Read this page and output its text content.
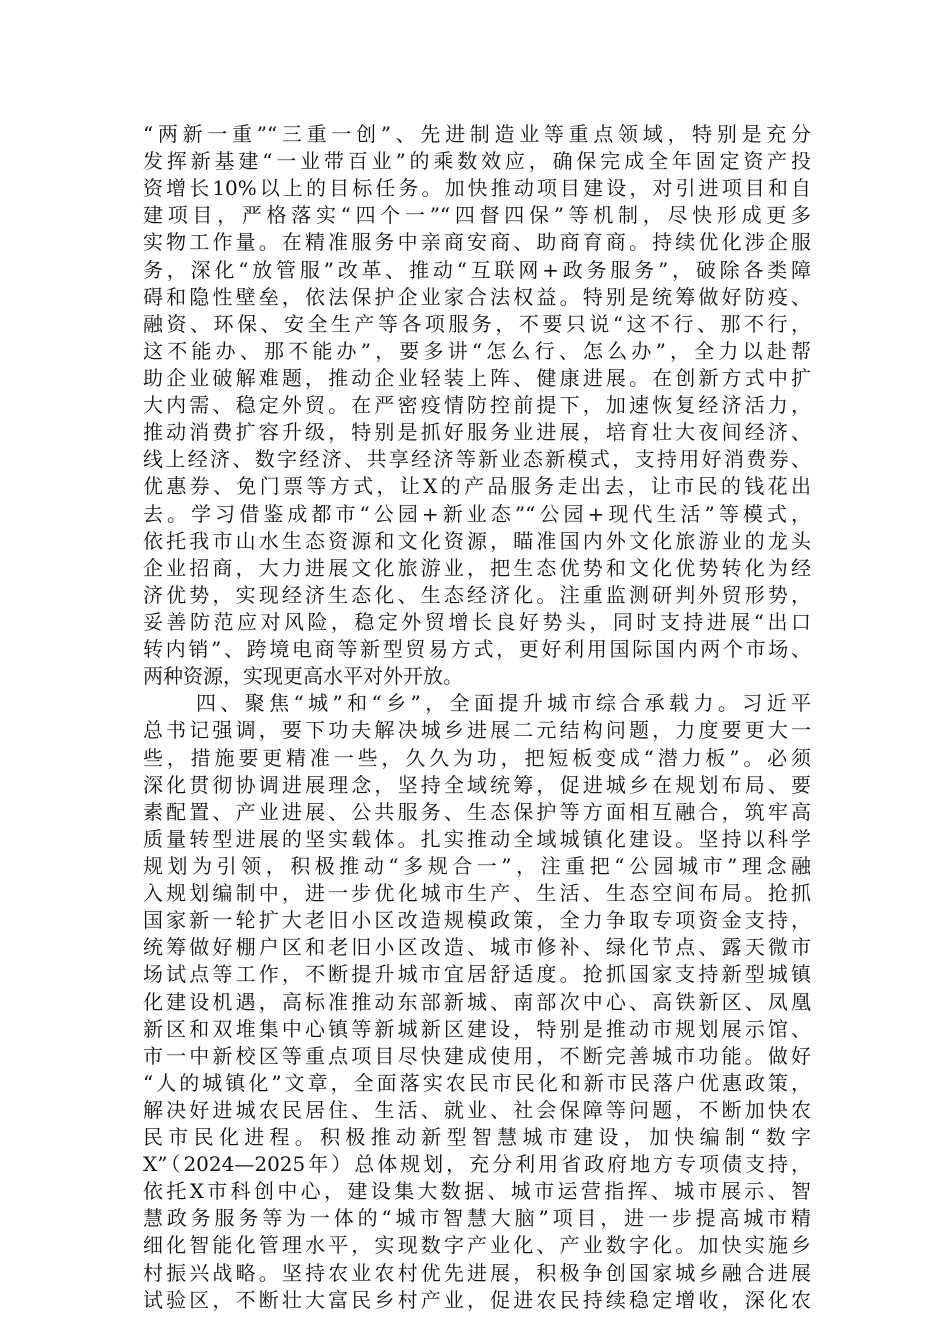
“两新一重”“三重一创”、先进制造业等重点领域，特别是充分
发挥新基建“一业带百业”的乘数效应，确保完成全年固定资产投
资增长10%以上的目标任务。加快推动项目建设，对引进项目和自
建项目，严格落实“四个一”“四督四保”等机制，尽快形成更多
实物工作量。在精准服务中亲商安商、助商育商。持续优化涉企服
务，深化“放管服”改革、推动“互联网+政务服务”，破除各类障
碍和隐性壁垒，依法保护企业家合法权益。特别是统筹做好防疫、
融资、环保、安全生产等各项服务，不要只说“这不行、那不行，
这不能办、那不能办”，要多讲“怎么行、怎么办”，全力以赴帮
助企业破解难题，推动企业轻装上阵、健康进展。在创新方式中扩
大内需、稳定外贸。在严密疫情防控前提下，加速恢复经济活力，
推动消费扩容升级，特别是抓好服务业进展，培育壮大夜间经济、
线上经济、数字经济、共享经济等新业态新模式，支持用好消费券、
优惠券、免门票等方式，让X的产品服务走出去，让市民的钱花出
去。学习借鉴成都市“公园+新业态”“公园+现代生活”等模式，
依托我市山水生态资源和文化资源，瞄准国内外文化旅游业的龙头
企业招商，大力进展文化旅游业，把生态优势和文化优势转化为经
济优势，实现经济生态化、生态经济化。注重监测研判外贸形势，
妥善防范应对风险，稳定外贸增长良好势头，同时支持进展“出口
转内销”、跨境电商等新型贸易方式，更好利用国际国内两个市场、
两种资源，实现更高水平对外开放。
四、聚焦“城”和“乡”，全面提升城市综合承载力。习近平
总书记强调，要下功夫解决城乡进展二元结构问题，力度要更大一
些，措施要更精准一些，久久为功，把短板变成“潜力板”。必须
深化贯彻协调进展理念，坚持全域统筹，促进城乡在规划布局、要
素配置、产业进展、公共服务、生态保护等方面相互融合，筑牢高
质量转型进展的坚实载体。扎实推动全域城镇化建设。坚持以科学
规划为引领，积极推动“多规合一”，注重把“公园城市”理念融
入规划编制中，进一步优化城市生产、生活、生态空间布局。抢抓
国家新一轮扩大老旧小区改造规模政策，全力争取专项资金支持，
统筹做好棚户区和老旧小区改造、城市修补、绿化节点、露天微市
场试点等工作，不断提升城市宜居舒适度。抢抓国家支持新型城镇
化建设机遇，高标准推动东部新城、南部次中心、高铁新区、凤凰
新区和双堆集中心镇等新城新区建设，特别是推动市规划展示馆、
市一中新校区等重点项目尽快建成使用，不断完善城市功能。做好
“人的城镇化”文章，全面落实农民市民化和新市民落户优惠政策，
解决好进城农民居住、生活、就业、社会保障等问题，不断加快农
民市民化进程。积极推动新型智慧城市建设，加快编制“数字
X”（2024—2025年）总体规划，充分利用省政府地方专项债支持，
依托X市科创中心，建设集大数据、城市运营指挥、城市展示、智
慧政务服务等为一体的“城市智慧大脑”项目，进一步提高城市精
细化智能化管理水平，实现数字产业化、产业数字化。加快实施乡
村振兴战略。坚持农业农村优先进展，积极争创国家城乡融合进展
试验区，不断壮大富民乡村产业，促进农民持续稳定增收，深化农
